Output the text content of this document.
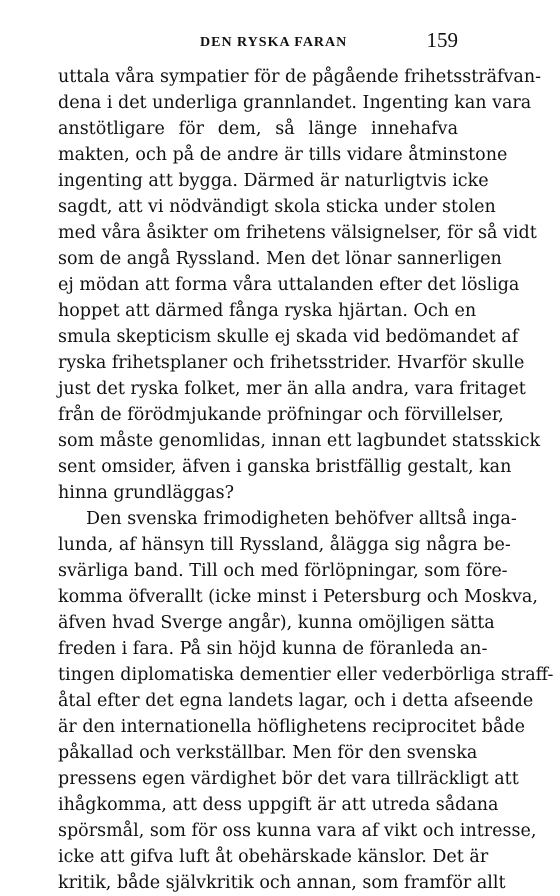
DEN RYSKA FARAN	159
uttala våra sympatier för de pågående frihetssträfvan-
dena i det underliga grannlandet. Ingenting kan vara
anstötligare för dem, så länge innehafva
makten, och på de andre är tills vidare åtminstone
ingenting att bygga. Därmed är naturligtvis icke
sagdt, att vi nödvändigt skola sticka under stolen
med våra åsikter om frihetens välsignelser, för så vidt
som de angå Ryssland. Men det lönar sannerligen
ej mödan att forma våra uttalanden efter det lösliga
hoppet att därmed fånga ryska hjärtan. Och en
smula skepticism skulle ej skada vid bedömandet af
ryska frihetsplaner och frihetsstrider. Hvarför skulle
just det ryska folket, mer än alla andra, vara fritaget
från de förödmjukande pröfningar och förvillelser,
som måste genomlidas, innan ett lagbundet statsskick
sent omsider, äfven i ganska bristfällig gestalt, kan
hinna grundläggas?
Den svenska frimodigheten behöfver alltså inga-
lunda, af hänsyn till Ryssland, ålägga sig några be-
svärliga band. Till och med förlöpningar, som före-
komma öfverallt (icke minst i Petersburg och Moskva,
äfven hvad Sverge angår), kunna omöjligen sätta
freden i fara. På sin höjd kunna de föranleda an-
tingen diplomatiska dementier eller vederbörliga straff-
åtal efter det egna landets lagar, och i detta afseende
är den internationella höflighetens reciprocitet både
påkallad och verkställbar. Men för den svenska
pressens egen värdighet bör det vara tillräckligt att
ihågkomma, att dess uppgift är att utreda sådana
spörsmål, som för oss kunna vara af vikt och intresse,
icke att gifva luft åt obehärskade känslor. Det är
kritik, både självkritik och annan, som framför allt
